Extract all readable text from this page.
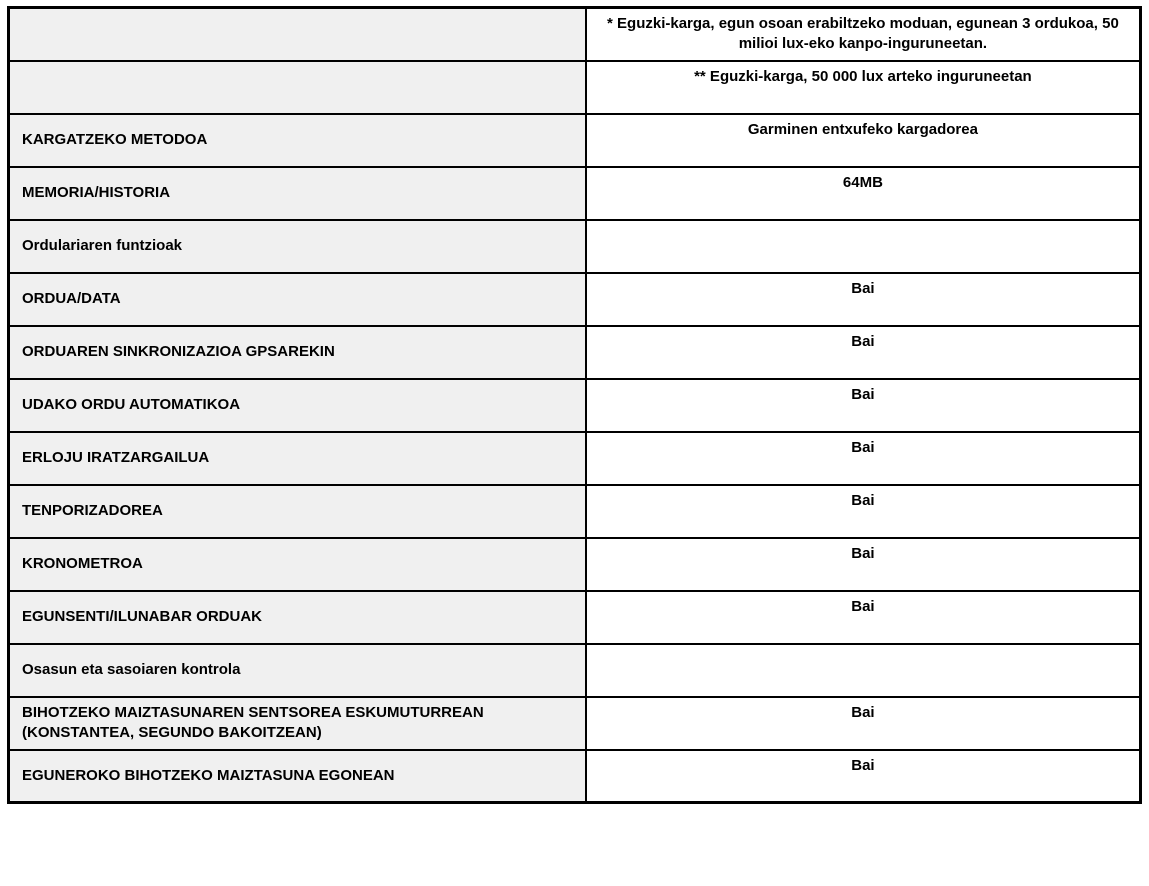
	* Eguzki-karga, egun osoan erabiltzeko moduan, egunean 3 ordukoa, 50 milioi lux-eko kanpo-inguruneetan.
	** Eguzki-karga, 50 000 lux arteko inguruneetan
KARGATZEKO METODOA	Garminen entxufeko kargadorea
MEMORIA/HISTORIA	64MB
Ordulariaren funtzioak	
ORDUA/DATA	Bai
ORDUAREN SINKRONIZAZIOA GPSAREKIN	Bai
UDAKO ORDU AUTOMATIKOA	Bai
ERLOJU IRATZARGAILUA	Bai
TENPORIZADOREA	Bai
KRONOMETROA	Bai
EGUNSENTI/ILUNABAR ORDUAK	Bai
Osasun eta sasoiaren kontrola	
BIHOTZEKO MAIZTASUNAREN SENTSOREA ESKUMUTURREAN (KONSTANTEA, SEGUNDO BAKOITZEAN)	Bai
EGUNEROKO BIHOTZEKO MAIZTASUNA EGONEAN	Bai
